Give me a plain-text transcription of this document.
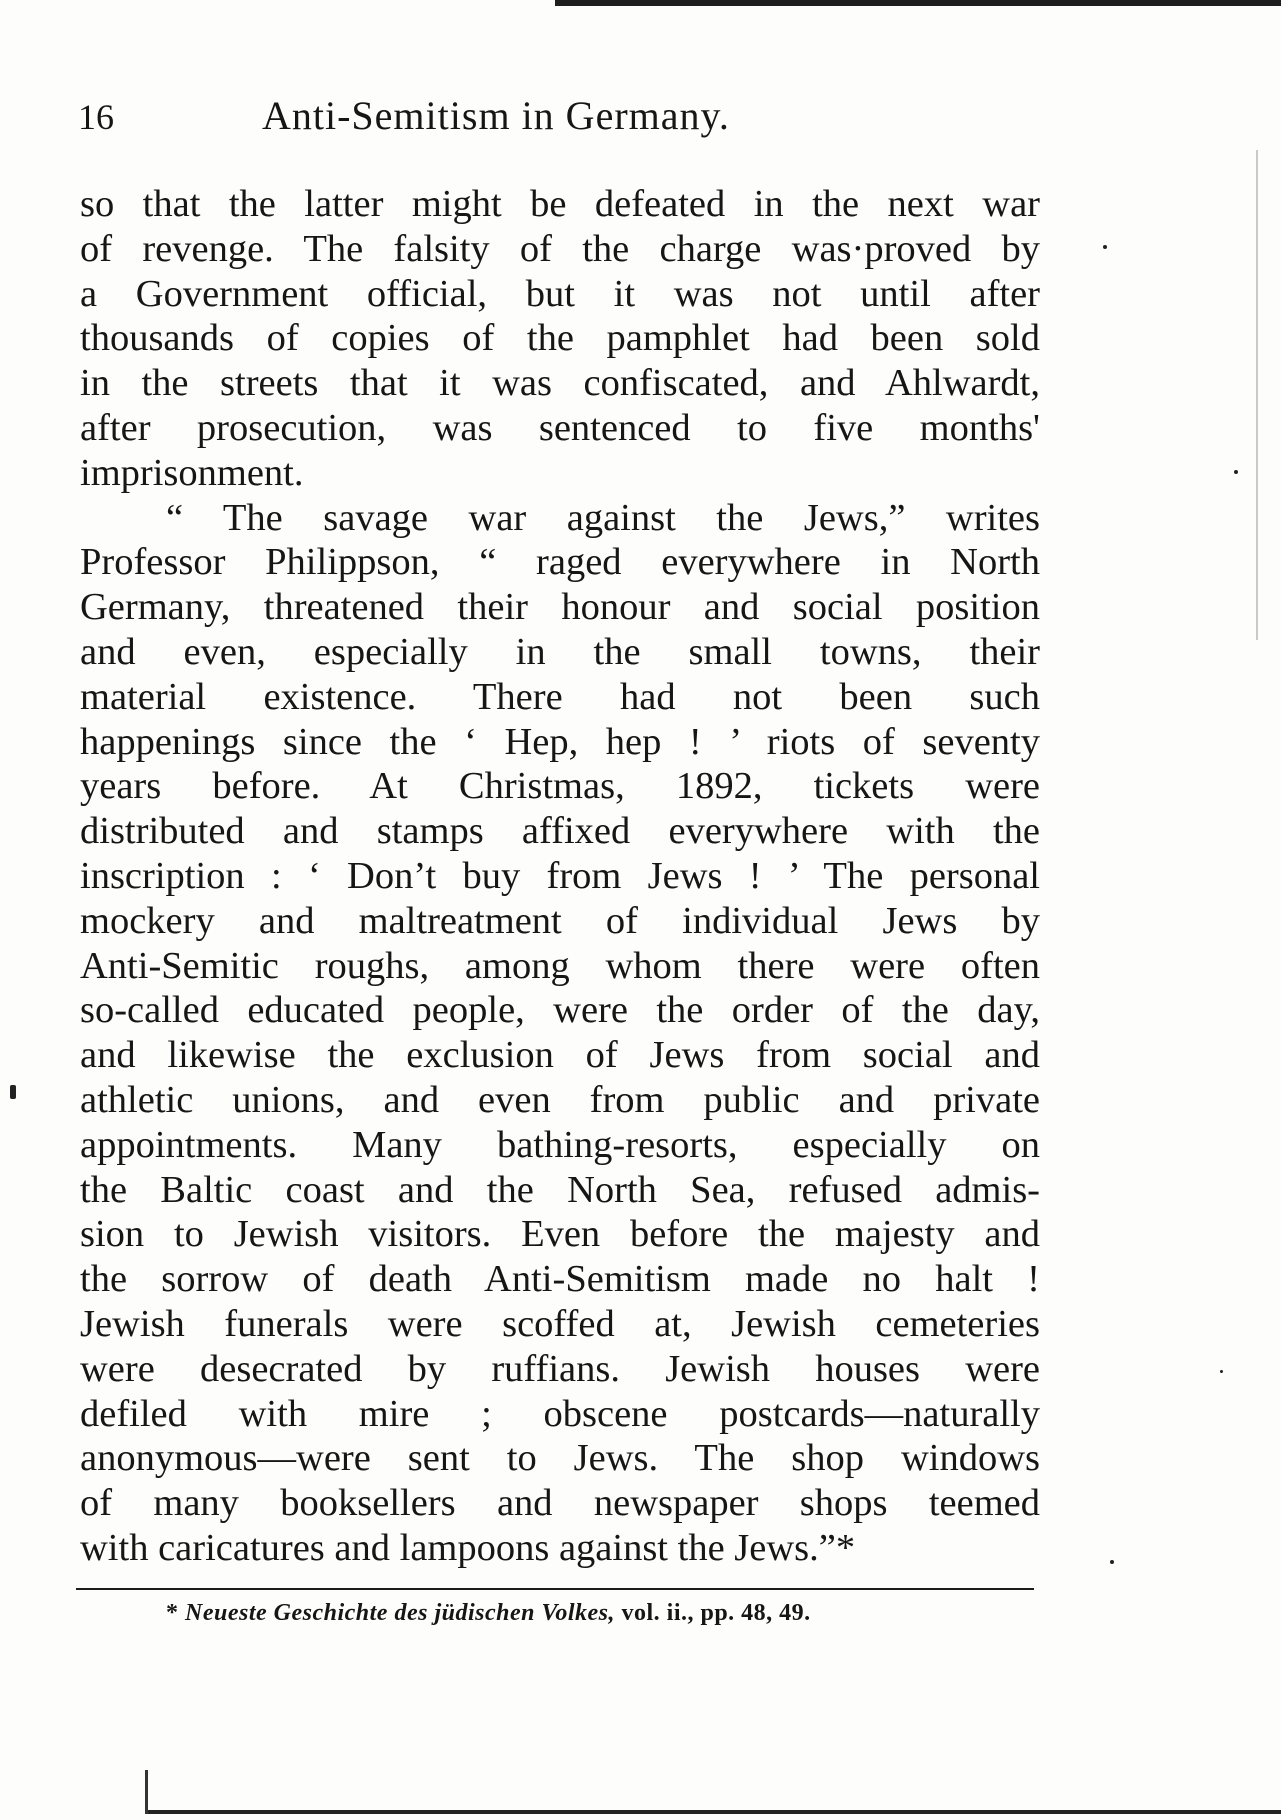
16	Anti-Semitism in Germany.
so that the latter might be defeated in the next war
of revenge. The falsity of the charge was·proved by
a Government official, but it was not until after
thousands of copies of the pamphlet had been sold
in the streets that it was confiscated, and Ahlwardt,
after prosecution, was sentenced to five months'
imprisonment.
“ The savage war against the Jews,” writes
Professor Philippson, “ raged everywhere in North
Germany, threatened their honour and social position
and even, especially in the small towns, their
material existence. There had not been such
happenings since the ‘ Hep, hep ! ’ riots of seventy
years before. At Christmas, 1892, tickets were
distributed and stamps affixed everywhere with the
inscription : ‘ Don’t buy from Jews ! ’ The personal
mockery and maltreatment of individual Jews by
Anti-Semitic roughs, among whom there were often
so-called educated people, were the order of the day,
and likewise the exclusion of Jews from social and
athletic unions, and even from public and private
appointments. Many bathing-resorts, especially on
the Baltic coast and the North Sea, refused admis-
sion to Jewish visitors. Even before the majesty and
the sorrow of death Anti-Semitism made no halt !
Jewish funerals were scoffed at, Jewish cemeteries
were desecrated by ruffians. Jewish houses were
defiled with mire ; obscene postcards—naturally
anonymous—were sent to Jews. The shop windows
of many booksellers and newspaper shops teemed
with caricatures and lampoons against the Jews.”*
* Neueste Geschichte des jüdischen Volkes, vol. ii., pp. 48, 49.
